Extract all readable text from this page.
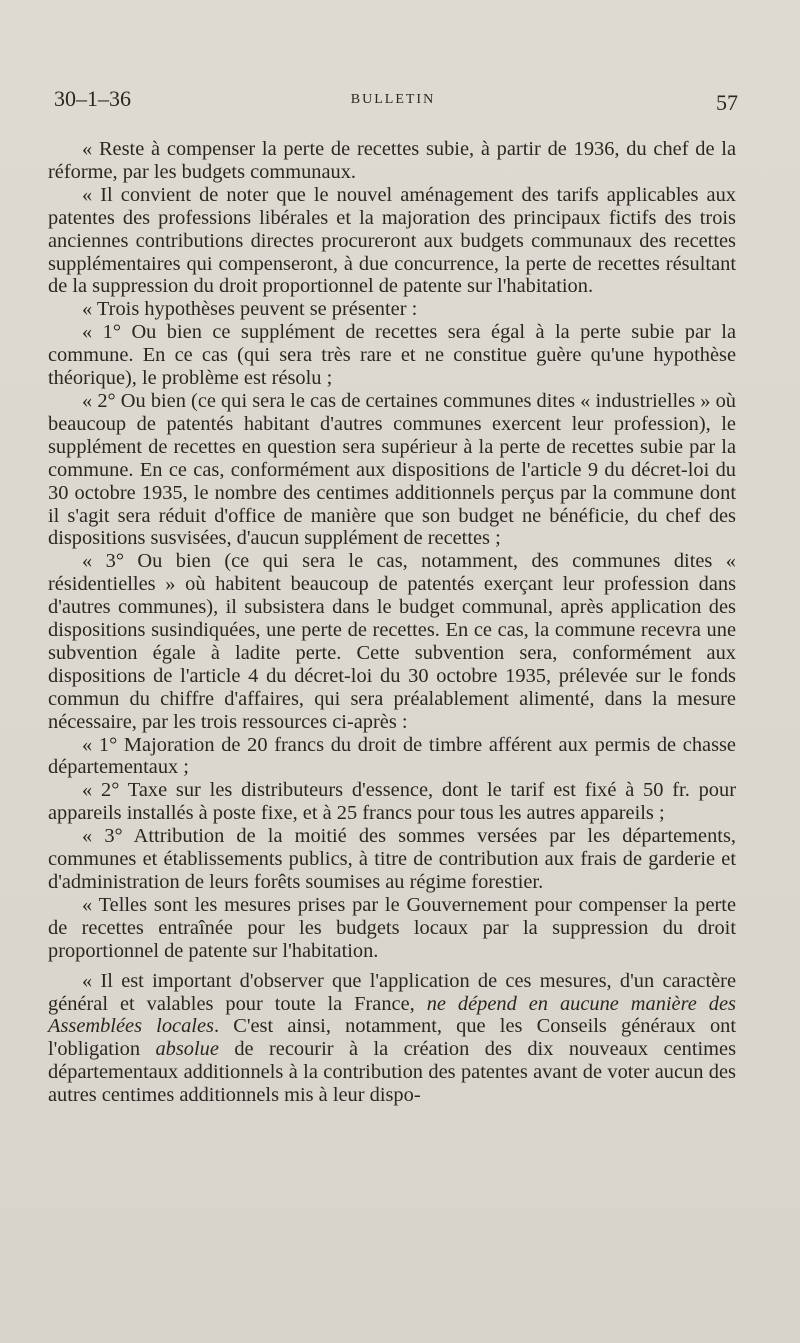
30–1–36	BULLETIN	57

« Reste à compenser la perte de recettes subie, à partir de 1936, du chef de la réforme, par les budgets communaux.

« Il convient de noter que le nouvel aménagement des tarifs applicables aux patentes des professions libérales et la majoration des principaux fictifs des trois anciennes contributions directes procureront aux budgets communaux des recettes supplémentaires qui compenseront, à due concurrence, la perte de recettes résultant de la suppression du droit proportionnel de patente sur l'habitation.

« Trois hypothèses peuvent se présenter :

« 1° Ou bien ce supplément de recettes sera égal à la perte subie par la commune. En ce cas (qui sera très rare et ne constitue guère qu'une hypothèse théorique), le problème est résolu ;

« 2° Ou bien (ce qui sera le cas de certaines communes dites « industrielles » où beaucoup de patentés habitant d'autres communes exercent leur profession), le supplément de recettes en question sera supérieur à la perte de recettes subie par la commune. En ce cas, conformément aux dispositions de l'article 9 du décret-loi du 30 octobre 1935, le nombre des centimes additionnels perçus par la commune dont il s'agit sera réduit d'office de manière que son budget ne bénéficie, du chef des dispositions susvisées, d'aucun supplément de recettes ;

« 3° Ou bien (ce qui sera le cas, notamment, des communes dites « résidentielles » où habitent beaucoup de patentés exerçant leur profession dans d'autres communes), il subsistera dans le budget communal, après application des dispositions susindiquées, une perte de recettes. En ce cas, la commune recevra une subvention égale à ladite perte. Cette subvention sera, conformément aux dispositions de l'article 4 du décret-loi du 30 octobre 1935, prélevée sur le fonds commun du chiffre d'affaires, qui sera préalablement alimenté, dans la mesure nécessaire, par les trois ressources ci-après :

« 1° Majoration de 20 francs du droit de timbre afférent aux permis de chasse départementaux ;

« 2° Taxe sur les distributeurs d'essence, dont le tarif est fixé à 50 fr. pour appareils installés à poste fixe, et à 25 francs pour tous les autres appareils ;

« 3° Attribution de la moitié des sommes versées par les départements, communes et établissements publics, à titre de contribution aux frais de garderie et d'administration de leurs forêts soumises au régime forestier.

« Telles sont les mesures prises par le Gouvernement pour compenser la perte de recettes entraînée pour les budgets locaux par la suppression du droit proportionnel de patente sur l'habitation.

« Il est important d'observer que l'application de ces mesures, d'un caractère général et valables pour toute la France, ne dépend en aucune manière des Assemblées locales. C'est ainsi, notamment, que les Conseils généraux ont l'obligation absolue de recourir à la création des dix nouveaux centimes départementaux additionnels à la contribution des patentes avant de voter aucun des autres centimes additionnels mis à leur dispo-
